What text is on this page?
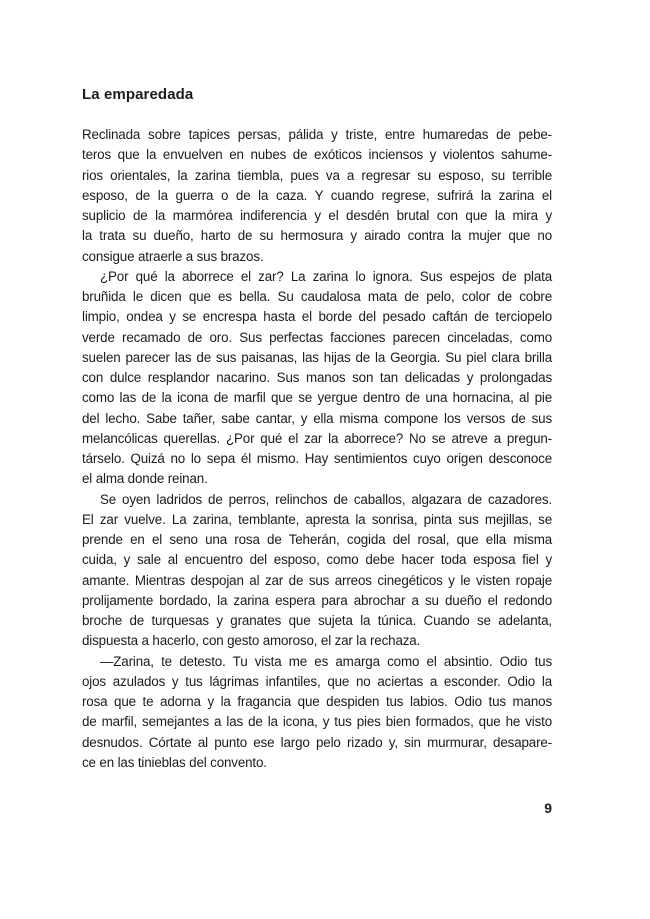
La emparedada
Reclinada sobre tapices persas, pálida y triste, entre humaredas de pebe-
teros que la envuelven en nubes de exóticos inciensos y violentos sahume-
rios orientales, la zarina tiembla, pues va a regresar su esposo, su terrible
esposo, de la guerra o de la caza. Y cuando regrese, sufrirá la zarina el
suplicio de la marmórea indiferencia y el desdén brutal con que la mira y
la trata su dueño, harto de su hermosura y airado contra la mujer que no
consigue atraerle a sus brazos.
¿Por qué la aborrece el zar? La zarina lo ignora. Sus espejos de plata
bruñida le dicen que es bella. Su caudalosa mata de pelo, color de cobre
limpio, ondea y se encrespa hasta el borde del pesado caftán de terciopelo
verde recamado de oro. Sus perfectas facciones parecen cinceladas, como
suelen parecer las de sus paisanas, las hijas de la Georgia. Su piel clara brilla
con dulce resplandor nacarino. Sus manos son tan delicadas y prolongadas
como las de la icona de marfil que se yergue dentro de una hornacina, al pie
del lecho. Sabe tañer, sabe cantar, y ella misma compone los versos de sus
melancólicas querellas. ¿Por qué el zar la aborrece? No se atreve a pregun-
társelo. Quizá no lo sepa él mismo. Hay sentimientos cuyo origen desconoce
el alma donde reinan.
Se oyen ladridos de perros, relinchos de caballos, algazara de cazadores.
El zar vuelve. La zarina, temblante, apresta la sonrisa, pinta sus mejillas, se
prende en el seno una rosa de Teherán, cogida del rosal, que ella misma
cuida, y sale al encuentro del esposo, como debe hacer toda esposa fiel y
amante. Mientras despojan al zar de sus arreos cinegéticos y le visten ropaje
prolijamente bordado, la zarina espera para abrochar a su dueño el redondo
broche de turquesas y granates que sujeta la túnica. Cuando se adelanta,
dispuesta a hacerlo, con gesto amoroso, el zar la rechaza.
—Zarina, te detesto. Tu vista me es amarga como el absintio. Odio tus
ojos azulados y tus lágrimas infantiles, que no aciertas a esconder. Odio la
rosa que te adorna y la fragancia que despiden tus labios. Odio tus manos
de marfil, semejantes a las de la icona, y tus pies bien formados, que he visto
desnudos. Córtate al punto ese largo pelo rizado y, sin murmurar, desapare-
ce en las tinieblas del convento.
9
